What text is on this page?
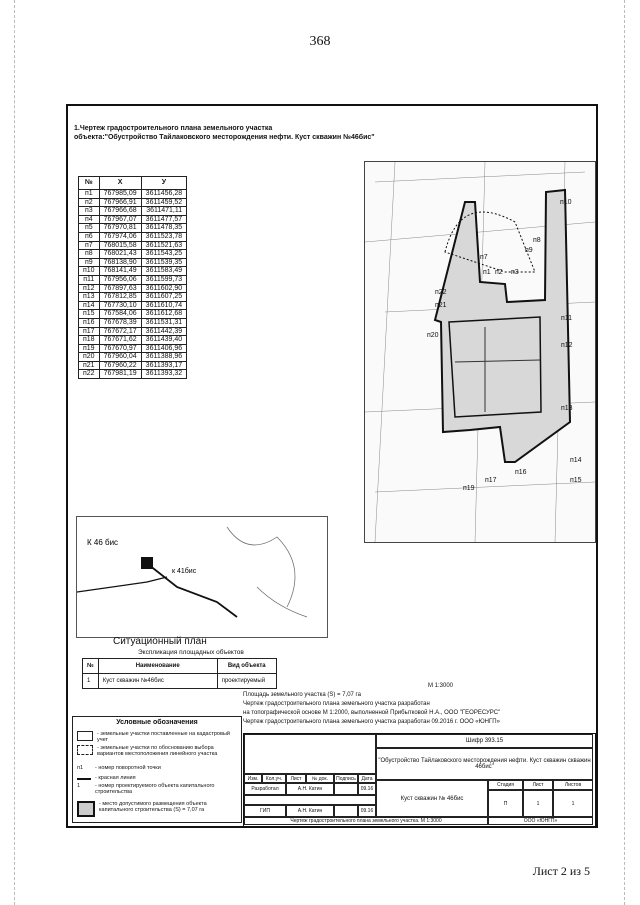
368
1.Чертеж градостроительного плана земельного участка
объекта:"Обустройство Тайлаковского месторождения нефти. Куст скважин №46бис"
№	X	У
п1	767985,09	3611456,28
п2	767966,91	3611459,52
п3	767966,68	3611471,11
п4	767967,07	3611477,57
п5	767970,81	3611478,35
п6	767974,06	3611523,78
п7	768015,58	3611521,63
п8	768021,43	3611543,25
п9	768138,90	3611539,35
п10	768141,49	3611583,49
п11	767956,06	3611599,73
п12	767897,63	3611602,90
п13	767812,85	3611607,25
п14	767730,10	3611610,74
п15	767584,06	3611612,68
п16	767678,39	3611531,31
п17	767672,17	3611442,39
п18	767671,62	3611439,40
п19	767670,97	3611406,96
п20	767960,04	3611388,96
п21	767960,22	3611393,17
п22	767981,19	3611393,32
п10
п8
п7
п9
п1 п2 п3
п22
п21
п20
п11
п12
п13
п14
п15
п16
п17
п19
К 46 бис
к 41бис
Ситуационный план
Экспликация площадных объектов
№	Наименование	Вид объекта
1	Куст скважин №46бис	проектируемый
М 1:3000
Площадь земельного участка (S) = 7,07 га
Чертеж градостроительного плана земельного участка разработан
на топографической основе М 1:2000, выполненной Прибытковой Н.А., ООО "ГЕОРЕСУРС"
Чертеж градостроительного плана земельного участка разработан 09.2016 г. ООО «ЮНГП»
Условные обозначения
- земельные участки поставленные на кадастровый учет
- земельные участки по обоснованию выбора вариантов местоположения линейного участка
п1	- номер поворотной точки
- красная линия
1	- номер проектируемого объекта капитального строительства
- место допустимого размещения объекта капитального строительства (S) = 7,07 га
Шифр 393.15
"Обустройство Тайлаковского месторождения нефти. Куст скважин скважин 46бис"
Изм.	Кол.уч.	Лист	№ док.	Подпись	Дата
Разработал	А.Н. Катин	09.16
ГИП	А.Н. Катин	09.16
Куст скважин № 46бис
Стадия	Лист	Листов
П	1	1
Чертеж градостроительного плана земельного участка. М 1:3000	ООО «ЮНГП»
Лист 2 из 5
